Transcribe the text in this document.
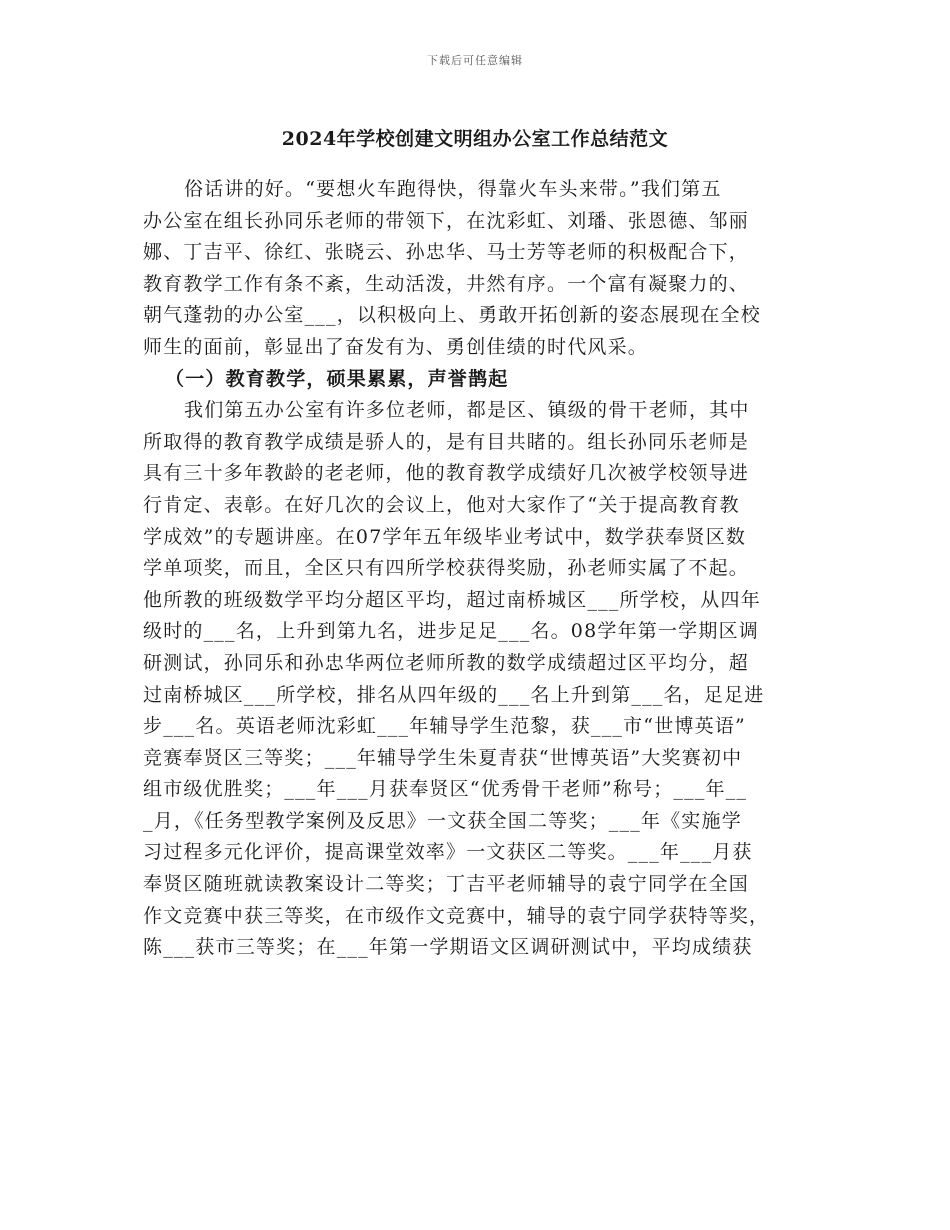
下载后可任意编辑
2024年学校创建文明组办公室工作总结范文
俗话讲的好。“要想火车跑得快，得靠火车头来带。”我们第五
办公室在组长孙同乐老师的带领下，在沈彩虹、刘璠、张恩德、邹丽
娜、丁吉平、徐红、张晓云、孙忠华、马士芳等老师的积极配合下，
教育教学工作有条不紊，生动活泼，井然有序。一个富有凝聚力的、
朝气蓬勃的办公室___，以积极向上、勇敢开拓创新的姿态展现在全校
师生的面前，彰显出了奋发有为、勇创佳绩的时代风采。
（一）教育教学，硕果累累，声誉鹊起
我们第五办公室有许多位老师，都是区、镇级的骨干老师，其中
所取得的教育教学成绩是骄人的，是有目共睹的。组长孙同乐老师是
具有三十多年教龄的老老师，他的教育教学成绩好几次被学校领导进
行肯定、表彰。在好几次的会议上，他对大家作了“关于提高教育教
学成效”的专题讲座。在07学年五年级毕业考试中，数学获奉贤区数
学单项奖，而且，全区只有四所学校获得奖励，孙老师实属了不起。
他所教的班级数学平均分超区平均，超过南桥城区___所学校，从四年
级时的___名，上升到第九名，进步足足___名。08学年第一学期区调
研测试，孙同乐和孙忠华两位老师所教的数学成绩超过区平均分，超
过南桥城区___所学校，排名从四年级的___名上升到第___名，足足进
步___名。英语老师沈彩虹___年辅导学生范黎，获___市“世博英语”
竞赛奉贤区三等奖；___年辅导学生朱夏青获“世博英语”大奖赛初中
组市级优胜奖；___年___月获奉贤区“优秀骨干老师”称号；___年__
_月，《任务型教学案例及反思》一文获全国二等奖；___年《实施学
习过程多元化评价，提高课堂效率》一文获区二等奖。___年___月获
奉贤区随班就读教案设计二等奖；丁吉平老师辅导的袁宁同学在全国
作文竞赛中获三等奖，在市级作文竞赛中，辅导的袁宁同学获特等奖，
陈___获市三等奖；在___年第一学期语文区调研测试中，平均成绩获
